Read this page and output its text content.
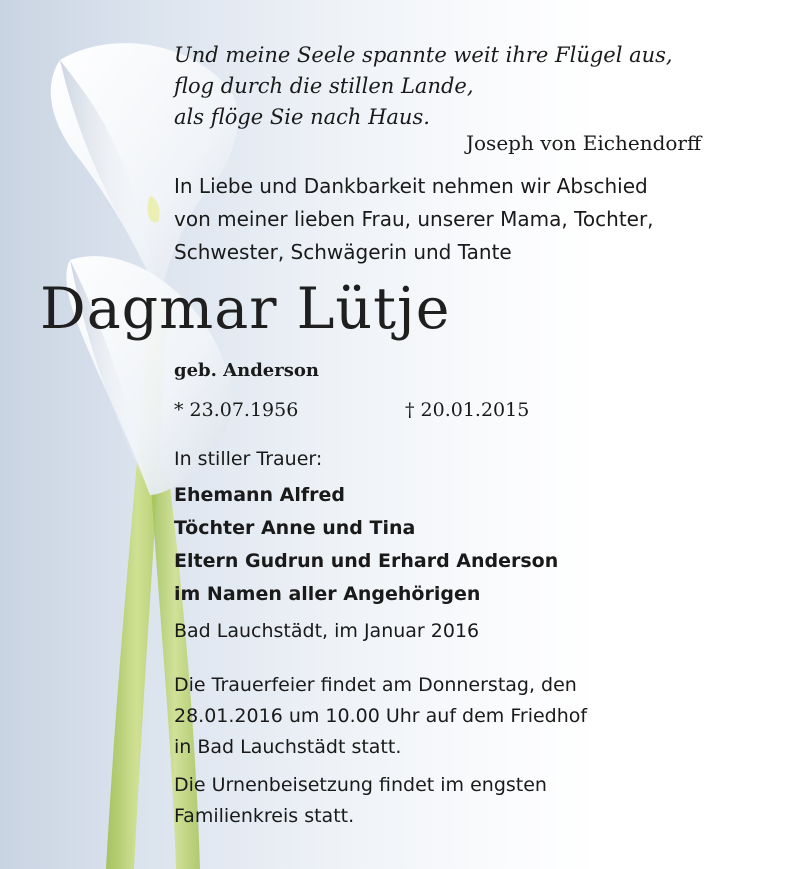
Und meine Seele spannte weit ihre Flügel aus,
flog durch die stillen Lande,
als flöge Sie nach Haus.
Joseph von Eichendorff
In Liebe und Dankbarkeit nehmen wir Abschied
von meiner lieben Frau, unserer Mama, Tochter,
Schwester, Schwägerin und Tante
Dagmar Lütje
geb. Anderson
* 23.07.1956	† 20.01.2015
In stiller Trauer:
Ehemann Alfred
Töchter Anne und Tina
Eltern Gudrun und Erhard Anderson
im Namen aller Angehörigen
Bad Lauchstädt, im Januar 2016
Die Trauerfeier findet am Donnerstag, den
28.01.2016 um 10.00 Uhr auf dem Friedhof
in Bad Lauchstädt statt.
Die Urnenbeisetzung findet im engsten
Familienkreis statt.
